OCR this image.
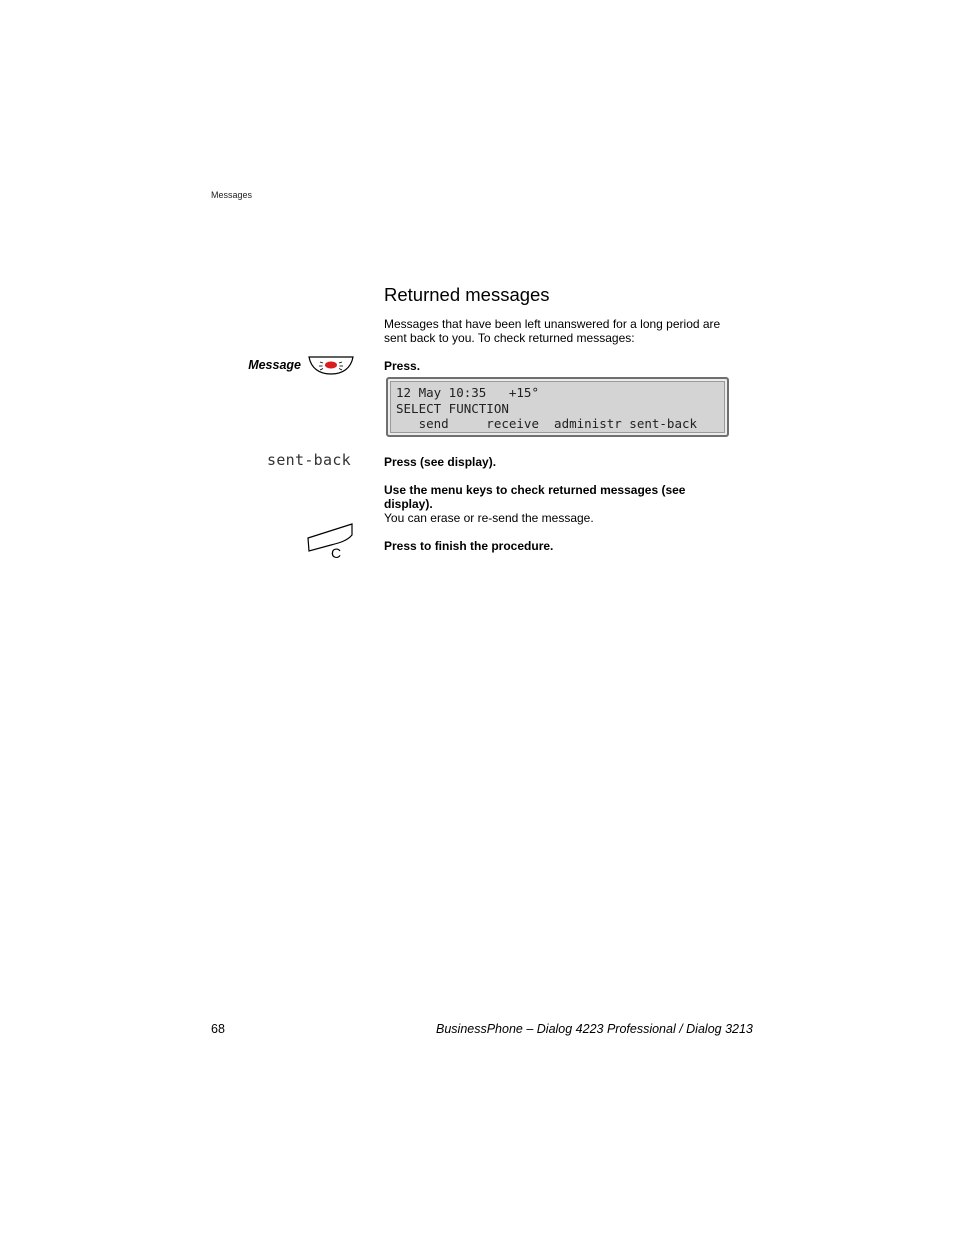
Messages
Returned messages
Messages that have been left unanswered for a long period are sent back to you. To check returned messages:
Message	Press.
12 May 10:35   +15°
SELECT FUNCTION
send     receive  administr sent-back
sent-back	Press (see display).
Use the menu keys to check returned messages (see display).
You can erase or re-send the message.
C	Press to finish the procedure.
68	BusinessPhone – Dialog 4223 Professional / Dialog 3213
